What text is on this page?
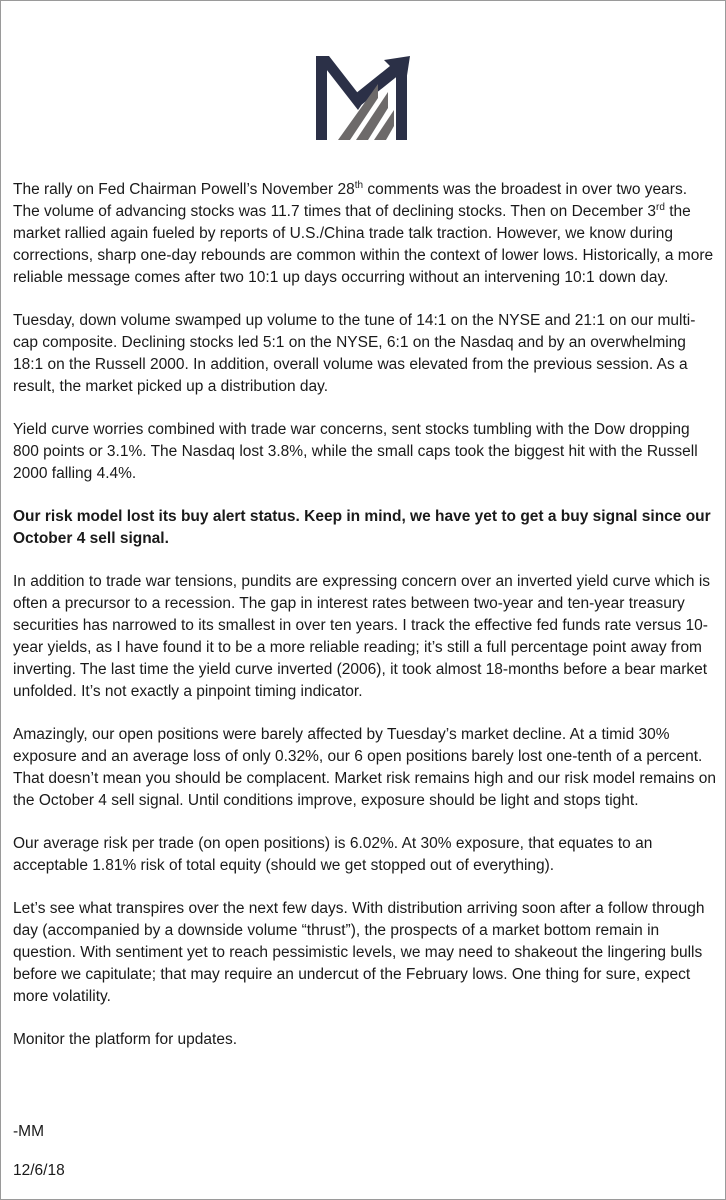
The rally on Fed Chairman Powell’s November 28th comments was the broadest in over two years. The volume of advancing stocks was 11.7 times that of declining stocks. Then on December 3rd the market rallied again fueled by reports of U.S./China trade talk traction. However, we know during corrections, sharp one-day rebounds are common within the context of lower lows. Historically, a more reliable message comes after two 10:1 up days occurring without an intervening 10:1 down day.

Tuesday, down volume swamped up volume to the tune of 14:1 on the NYSE and 21:1 on our multi-cap composite. Declining stocks led 5:1 on the NYSE, 6:1 on the Nasdaq and by an overwhelming 18:1 on the Russell 2000. In addition, overall volume was elevated from the previous session. As a result, the market picked up a distribution day.

Yield curve worries combined with trade war concerns, sent stocks tumbling with the Dow dropping 800 points or 3.1%. The Nasdaq lost 3.8%, while the small caps took the biggest hit with the Russell 2000 falling 4.4%.

Our risk model lost its buy alert status. Keep in mind, we have yet to get a buy signal since our October 4 sell signal.

In addition to trade war tensions, pundits are expressing concern over an inverted yield curve which is often a precursor to a recession. The gap in interest rates between two-year and ten-year treasury securities has narrowed to its smallest in over ten years. I track the effective fed funds rate versus 10-year yields, as I have found it to be a more reliable reading; it’s still a full percentage point away from inverting. The last time the yield curve inverted (2006), it took almost 18-months before a bear market unfolded. It’s not exactly a pinpoint timing indicator.

Amazingly, our open positions were barely affected by Tuesday’s market decline. At a timid 30% exposure and an average loss of only 0.32%, our 6 open positions barely lost one-tenth of a percent. That doesn’t mean you should be complacent. Market risk remains high and our risk model remains on the October 4 sell signal. Until conditions improve, exposure should be light and stops tight.

Our average risk per trade (on open positions) is 6.02%. At 30% exposure, that equates to an acceptable 1.81% risk of total equity (should we get stopped out of everything).

Let’s see what transpires over the next few days. With distribution arriving soon after a follow through day (accompanied by a downside volume “thrust”), the prospects of a market bottom remain in question. With sentiment yet to reach pessimistic levels, we may need to shakeout the lingering bulls before we capitulate; that may require an undercut of the February lows. One thing for sure, expect more volatility.

Monitor the platform for updates.

-MM
12/6/18
